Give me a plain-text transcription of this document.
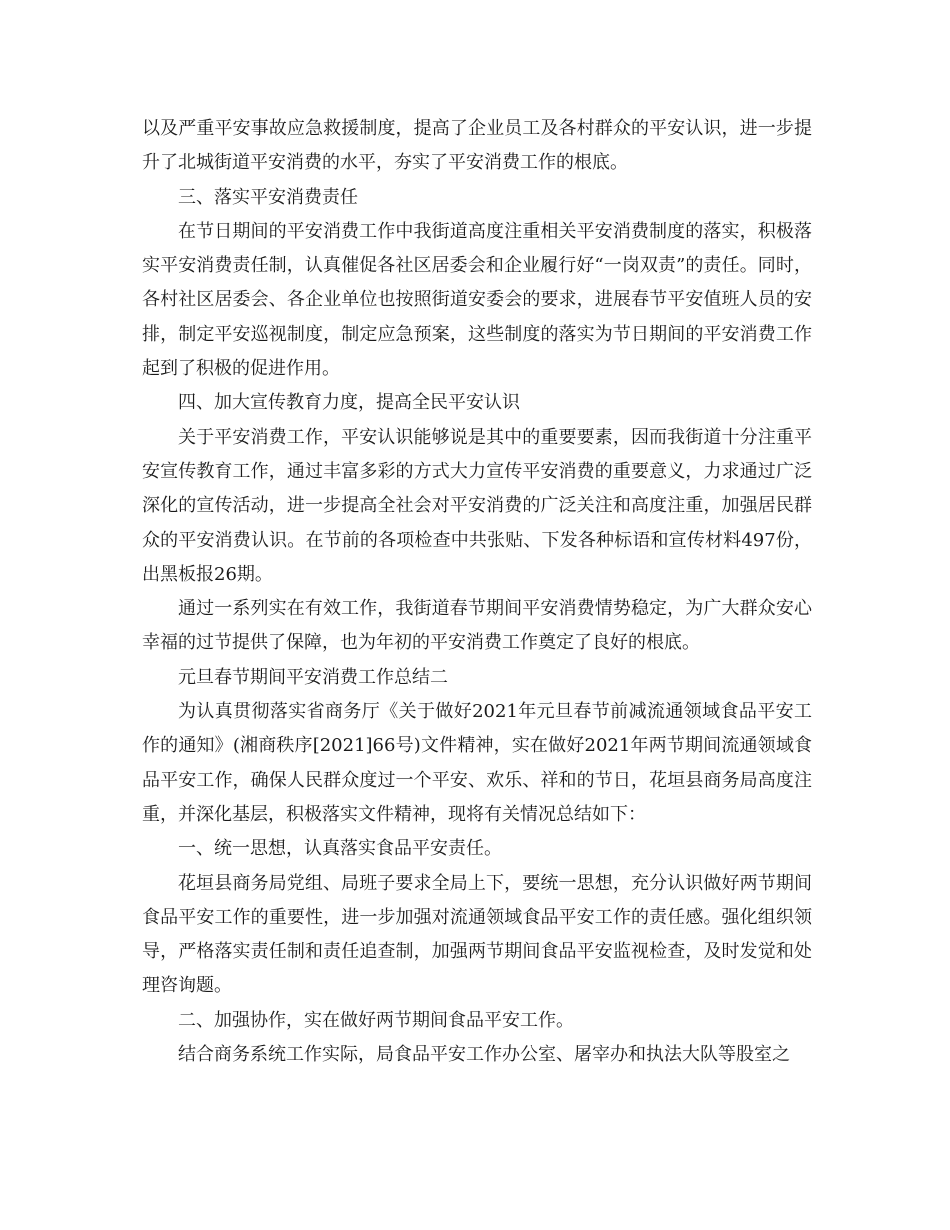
以及严重平安事故应急救援制度，提高了企业员工及各村群众的平安认识，进一步提升了北城街道平安消费的水平，夯实了平安消费工作的根底。

三、落实平安消费责任

在节日期间的平安消费工作中我街道高度注重相关平安消费制度的落实，积极落实平安消费责任制，认真催促各社区居委会和企业履行好“一岗双责”的责任。同时，各村社区居委会、各企业单位也按照街道安委会的要求，进展春节平安值班人员的安排，制定平安巡视制度，制定应急预案，这些制度的落实为节日期间的平安消费工作起到了积极的促进作用。

四、加大宣传教育力度，提高全民平安认识

关于平安消费工作，平安认识能够说是其中的重要要素，因而我街道十分注重平安宣传教育工作，通过丰富多彩的方式大力宣传平安消费的重要意义，力求通过广泛深化的宣传活动，进一步提高全社会对平安消费的广泛关注和高度注重，加强居民群众的平安消费认识。在节前的各项检查中共张贴、下发各种标语和宣传材料497份，出黑板报26期。

通过一系列实在有效工作，我街道春节期间平安消费情势稳定，为广大群众安心幸福的过节提供了保障，也为年初的平安消费工作奠定了良好的根底。

元旦春节期间平安消费工作总结二

为认真贯彻落实省商务厅《关于做好2021年元旦春节前减流通领域食品平安工作的通知》(湘商秩序[2021]66号)文件精神，实在做好2021年两节期间流通领域食品平安工作，确保人民群众度过一个平安、欢乐、祥和的节日，花垣县商务局高度注重，并深化基层，积极落实文件精神，现将有关情况总结如下：

一、统一思想，认真落实食品平安责任。

花垣县商务局党组、局班子要求全局上下，要统一思想，充分认识做好两节期间食品平安工作的重要性，进一步加强对流通领域食品平安工作的责任感。强化组织领导，严格落实责任制和责任追查制，加强两节期间食品平安监视检查，及时发觉和处理咨询题。

二、加强协作，实在做好两节期间食品平安工作。

结合商务系统工作实际，局食品平安工作办公室、屠宰办和执法大队等股室之
